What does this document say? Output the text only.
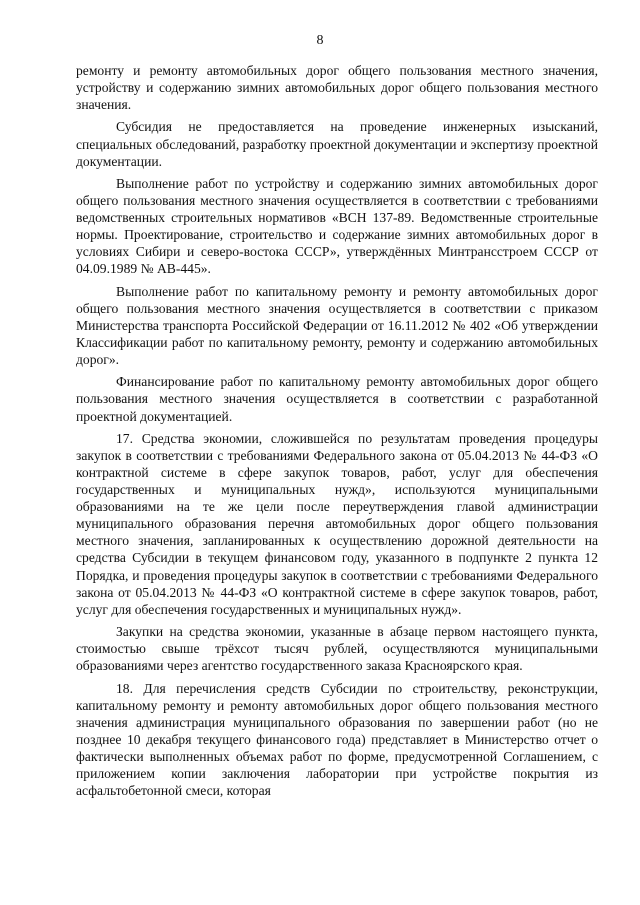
8

ремонту и ремонту автомобильных дорог общего пользования местного значения, устройству и содержанию зимних автомобильных дорог общего пользования местного значения.

Субсидия не предоставляется на проведение инженерных изысканий, специальных обследований, разработку проектной документации и экспертизу проектной документации.

Выполнение работ по устройству и содержанию зимних автомобильных дорог общего пользования местного значения осуществляется в соответствии с требованиями ведомственных строительных нормативов «ВСН 137-89. Ведомственные строительные нормы. Проектирование, строительство и содержание зимних автомобильных дорог в условиях Сибири и северо-востока СССР», утверждённых Минтрансстроем СССР от 04.09.1989 № АВ-445».

Выполнение работ по капитальному ремонту и ремонту автомобильных дорог общего пользования местного значения осуществляется в соответствии с приказом Министерства транспорта Российской Федерации от 16.11.2012 № 402 «Об утверждении Классификации работ по капитальному ремонту, ремонту и содержанию автомобильных дорог».

Финансирование работ по капитальному ремонту автомобильных дорог общего пользования местного значения осуществляется в соответствии с разработанной проектной документацией.

17. Средства экономии, сложившейся по результатам проведения процедуры закупок в соответствии с требованиями Федерального закона от 05.04.2013 № 44-ФЗ «О контрактной системе в сфере закупок товаров, работ, услуг для обеспечения государственных и муниципальных нужд», используются муниципальными образованиями на те же цели после переутверждения главой администрации муниципального образования перечня автомобильных дорог общего пользования местного значения, запланированных к осуществлению дорожной деятельности на средства Субсидии в текущем финансовом году, указанного в подпункте 2 пункта 12 Порядка, и проведения процедуры закупок в соответствии с требованиями Федерального закона от 05.04.2013 № 44-ФЗ «О контрактной системе в сфере закупок товаров, работ, услуг для обеспечения государственных и муниципальных нужд».

Закупки на средства экономии, указанные в абзаце первом настоящего пункта, стоимостью свыше трёхсот тысяч рублей, осуществляются муниципальными образованиями через агентство государственного заказа Красноярского края.

18. Для перечисления средств Субсидии по строительству, реконструкции, капитальному ремонту и ремонту автомобильных дорог общего пользования местного значения администрация муниципального образования по завершении работ (но не позднее 10 декабря текущего финансового года) представляет в Министерство отчет о фактически выполненных объемах работ по форме, предусмотренной Соглашением, с приложением копии заключения лаборатории при устройстве покрытия из асфальтобетонной смеси, которая
